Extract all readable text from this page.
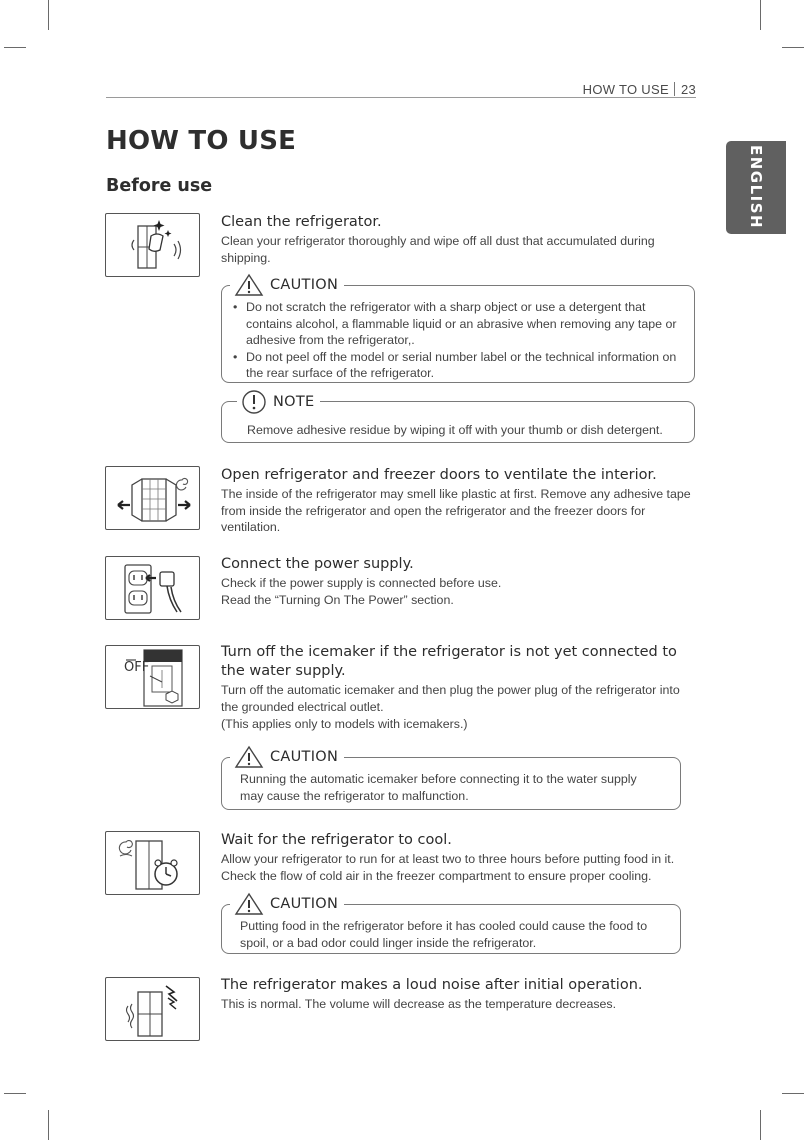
HOW TO USE 23
ENGLISH
HOW TO USE
Before use

Clean the refrigerator.

Clean your refrigerator thoroughly and wipe off all dust that accumulated during shipping.

CAUTION
• Do not scratch the refrigerator with a sharp object or use a detergent that contains alcohol, a flammable liquid or an abrasive when removing any tape or adhesive from the refrigerator,.
• Do not peel off the model or serial number label or the technical information on the rear surface of the refrigerator.
NOTE
Remove adhesive residue by wiping it off with your thumb or dish detergent.

Open refrigerator and freezer doors to ventilate the interior.

The inside of the refrigerator may smell like plastic at first. Remove any adhesive tape from inside the refrigerator and open the refrigerator and the freezer doors for ventilation.

Connect the power supply.

Check if the power supply is connected before use.

Read the “Turning On The Power” section.

OFF

Turn off the icemaker if the refrigerator is not yet connected to the water supply.

Turn off the automatic icemaker and then plug the power plug of the refrigerator into the grounded electrical outlet.

(This applies only to models with icemakers.)

CAUTION
Running the automatic icemaker before connecting it to the water supply may cause the refrigerator to malfunction.

Wait for the refrigerator to cool.

Allow your refrigerator to run for at least two to three hours before putting food in it. Check the flow of cold air in the freezer compartment to ensure proper cooling.

CAUTION
Putting food in the refrigerator before it has cooled could cause the food to spoil, or a bad odor could linger inside the refrigerator.

The refrigerator makes a loud noise after initial operation.

This is normal. The volume will decrease as the temperature decreases.
